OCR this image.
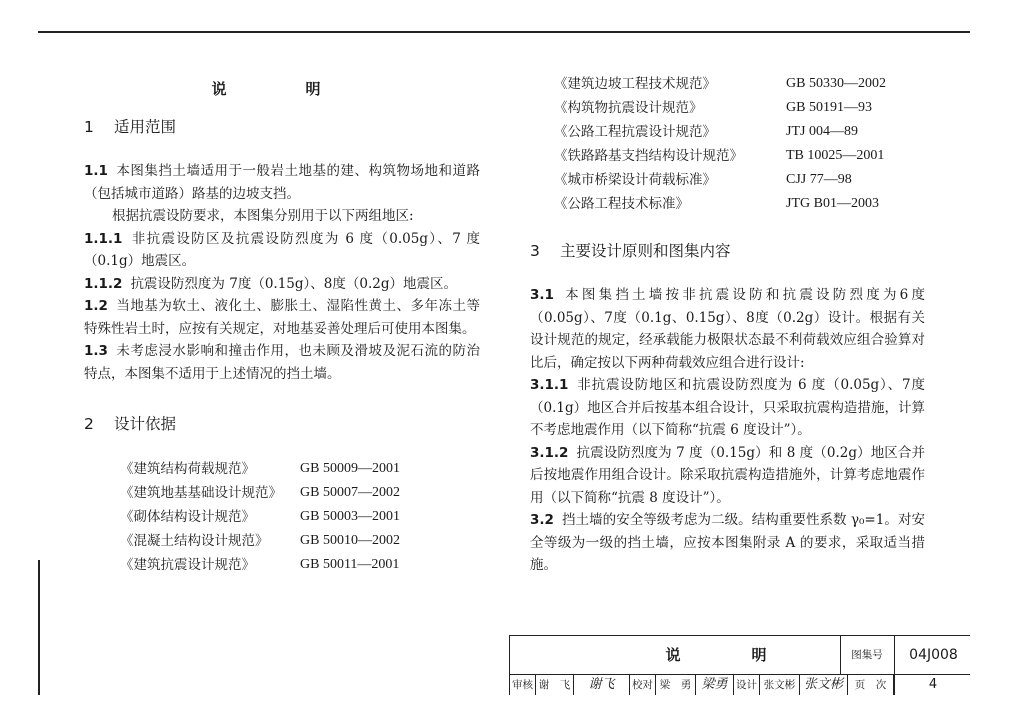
说　明
1 适用范围

1.1 本图集挡土墙适用于一般岩土地基的建、构筑物场地和道路（包括城市道路）路基的边坡支挡。

根据抗震设防要求，本图集分别用于以下两组地区:

1.1.1 非抗震设防区及抗震设防烈度为 6 度（0.05g）、7 度（0.1g）地震区。

1.1.2 抗震设防烈度为 7度（0.15g）、8度（0.2g）地震区。

1.2 当地基为软土、液化土、膨胀土、湿陷性黄土、多年冻土等特殊性岩土时，应按有关规定，对地基妥善处理后可使用本图集。

1.3 未考虑浸水影响和撞击作用，也未顾及滑坡及泥石流的防治特点，本图集不适用于上述情况的挡土墙。

2 设计依据
《建筑结构荷载规范》	GB 50009—2001
《建筑地基基础设计规范》	GB 50007—2002
《砌体结构设计规范》	GB 50003—2001
《混凝土结构设计规范》	GB 50010—2002
《建筑抗震设计规范》	GB 50011—2001
《建筑边坡工程技术规范》	GB 50330—2002
《构筑物抗震设计规范》	GB 50191—93
《公路工程抗震设计规范》	JTJ 004—89
《铁路路基支挡结构设计规范》	TB 10025—2001
《城市桥梁设计荷载标准》	CJJ 77—98
《公路工程技术标准》	JTG B01—2003
3 主要设计原则和图集内容

3.1 本图集挡土墙按非抗震设防和抗震设防烈度为6度（0.05g）、7度（0.1g、0.15g）、8度（0.2g）设计。根据有关设计规范的规定，经承载能力极限状态最不利荷载效应组合验算对比后，确定按以下两种荷载效应组合进行设计:

3.1.1 非抗震设防地区和抗震设防烈度为 6 度（0.05g）、7度（0.1g）地区合并后按基本组合设计，只采取抗震构造措施，计算不考虑地震作用（以下简称“抗震 6 度设计”）。

3.1.2 抗震设防烈度为 7 度（0.15g）和 8 度（0.2g）地区合并后按地震作用组合设计。除采取抗震构造措施外，计算考虑地震作用（以下简称“抗震 8 度设计”）。

3.2 挡土墙的安全等级考虑为二级。结构重要性系数 γ₀=1。对安全等级为一级的挡土墙，应按本图集附录 A 的要求，采取适当措施。

说　明	图集号	04J008
审核 谢　飞	谢飞	校对 梁　勇 梁勇 设计 张文彬 张文彬	页　次	4
